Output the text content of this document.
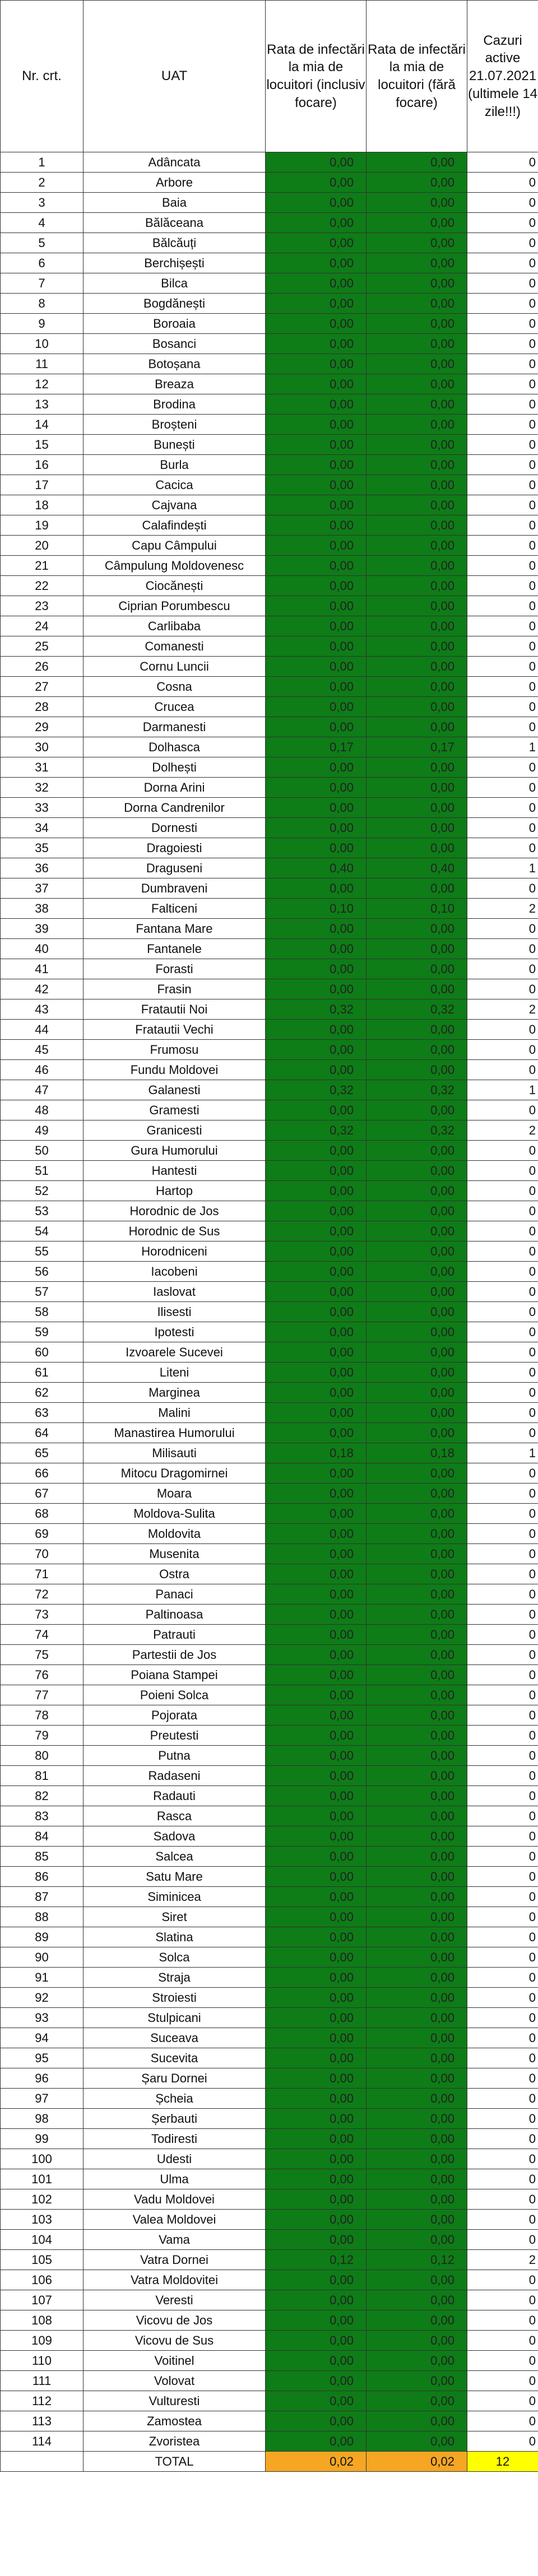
Nr. crt.	UAT	Rata de infectări la mia de locuitori (inclusiv focare)	Rata de infectări la mia de locuitori (fără focare)	Cazuri active 21.07.2021 (ultimele 14 zile!!!)
1	Adâncata	0,00	0,00	0
2	Arbore	0,00	0,00	0
3	Baia	0,00	0,00	0
4	Bălăceana	0,00	0,00	0
5	Bălcăuți	0,00	0,00	0
6	Berchișești	0,00	0,00	0
7	Bilca	0,00	0,00	0
8	Bogdănești	0,00	0,00	0
9	Boroaia	0,00	0,00	0
10	Bosanci	0,00	0,00	0
11	Botoșana	0,00	0,00	0
12	Breaza	0,00	0,00	0
13	Brodina	0,00	0,00	0
14	Broșteni	0,00	0,00	0
15	Bunești	0,00	0,00	0
16	Burla	0,00	0,00	0
17	Cacica	0,00	0,00	0
18	Cajvana	0,00	0,00	0
19	Calafindești	0,00	0,00	0
20	Capu Câmpului	0,00	0,00	0
21	Câmpulung Moldovenesc	0,00	0,00	0
22	Ciocănești	0,00	0,00	0
23	Ciprian Porumbescu	0,00	0,00	0
24	Carlibaba	0,00	0,00	0
25	Comanesti	0,00	0,00	0
26	Cornu Luncii	0,00	0,00	0
27	Cosna	0,00	0,00	0
28	Crucea	0,00	0,00	0
29	Darmanesti	0,00	0,00	0
30	Dolhasca	0,17	0,17	1
31	Dolhești	0,00	0,00	0
32	Dorna Arini	0,00	0,00	0
33	Dorna Candrenilor	0,00	0,00	0
34	Dornesti	0,00	0,00	0
35	Dragoiesti	0,00	0,00	0
36	Draguseni	0,40	0,40	1
37	Dumbraveni	0,00	0,00	0
38	Falticeni	0,10	0,10	2
39	Fantana Mare	0,00	0,00	0
40	Fantanele	0,00	0,00	0
41	Forasti	0,00	0,00	0
42	Frasin	0,00	0,00	0
43	Fratautii Noi	0,32	0,32	2
44	Fratautii Vechi	0,00	0,00	0
45	Frumosu	0,00	0,00	0
46	Fundu Moldovei	0,00	0,00	0
47	Galanesti	0,32	0,32	1
48	Gramesti	0,00	0,00	0
49	Granicesti	0,32	0,32	2
50	Gura Humorului	0,00	0,00	0
51	Hantesti	0,00	0,00	0
52	Hartop	0,00	0,00	0
53	Horodnic de Jos	0,00	0,00	0
54	Horodnic de Sus	0,00	0,00	0
55	Horodniceni	0,00	0,00	0
56	Iacobeni	0,00	0,00	0
57	Iaslovat	0,00	0,00	0
58	Ilisesti	0,00	0,00	0
59	Ipotesti	0,00	0,00	0
60	Izvoarele Sucevei	0,00	0,00	0
61	Liteni	0,00	0,00	0
62	Marginea	0,00	0,00	0
63	Malini	0,00	0,00	0
64	Manastirea Humorului	0,00	0,00	0
65	Milisauti	0,18	0,18	1
66	Mitocu Dragomirnei	0,00	0,00	0
67	Moara	0,00	0,00	0
68	Moldova-Sulita	0,00	0,00	0
69	Moldovita	0,00	0,00	0
70	Musenita	0,00	0,00	0
71	Ostra	0,00	0,00	0
72	Panaci	0,00	0,00	0
73	Paltinoasa	0,00	0,00	0
74	Patrauti	0,00	0,00	0
75	Partestii de Jos	0,00	0,00	0
76	Poiana Stampei	0,00	0,00	0
77	Poieni Solca	0,00	0,00	0
78	Pojorata	0,00	0,00	0
79	Preutesti	0,00	0,00	0
80	Putna	0,00	0,00	0
81	Radaseni	0,00	0,00	0
82	Radauti	0,00	0,00	0
83	Rasca	0,00	0,00	0
84	Sadova	0,00	0,00	0
85	Salcea	0,00	0,00	0
86	Satu Mare	0,00	0,00	0
87	Siminicea	0,00	0,00	0
88	Siret	0,00	0,00	0
89	Slatina	0,00	0,00	0
90	Solca	0,00	0,00	0
91	Straja	0,00	0,00	0
92	Stroiesti	0,00	0,00	0
93	Stulpicani	0,00	0,00	0
94	Suceava	0,00	0,00	0
95	Sucevita	0,00	0,00	0
96	Șaru Dornei	0,00	0,00	0
97	Șcheia	0,00	0,00	0
98	Șerbauti	0,00	0,00	0
99	Todiresti	0,00	0,00	0
100	Udesti	0,00	0,00	0
101	Ulma	0,00	0,00	0
102	Vadu Moldovei	0,00	0,00	0
103	Valea Moldovei	0,00	0,00	0
104	Vama	0,00	0,00	0
105	Vatra Dornei	0,12	0,12	2
106	Vatra Moldovitei	0,00	0,00	0
107	Veresti	0,00	0,00	0
108	Vicovu de Jos	0,00	0,00	0
109	Vicovu de Sus	0,00	0,00	0
110	Voitinel	0,00	0,00	0
111	Volovat	0,00	0,00	0
112	Vulturesti	0,00	0,00	0
113	Zamostea	0,00	0,00	0
114	Zvoristea	0,00	0,00	0
	TOTAL	0,02	0,02	12
